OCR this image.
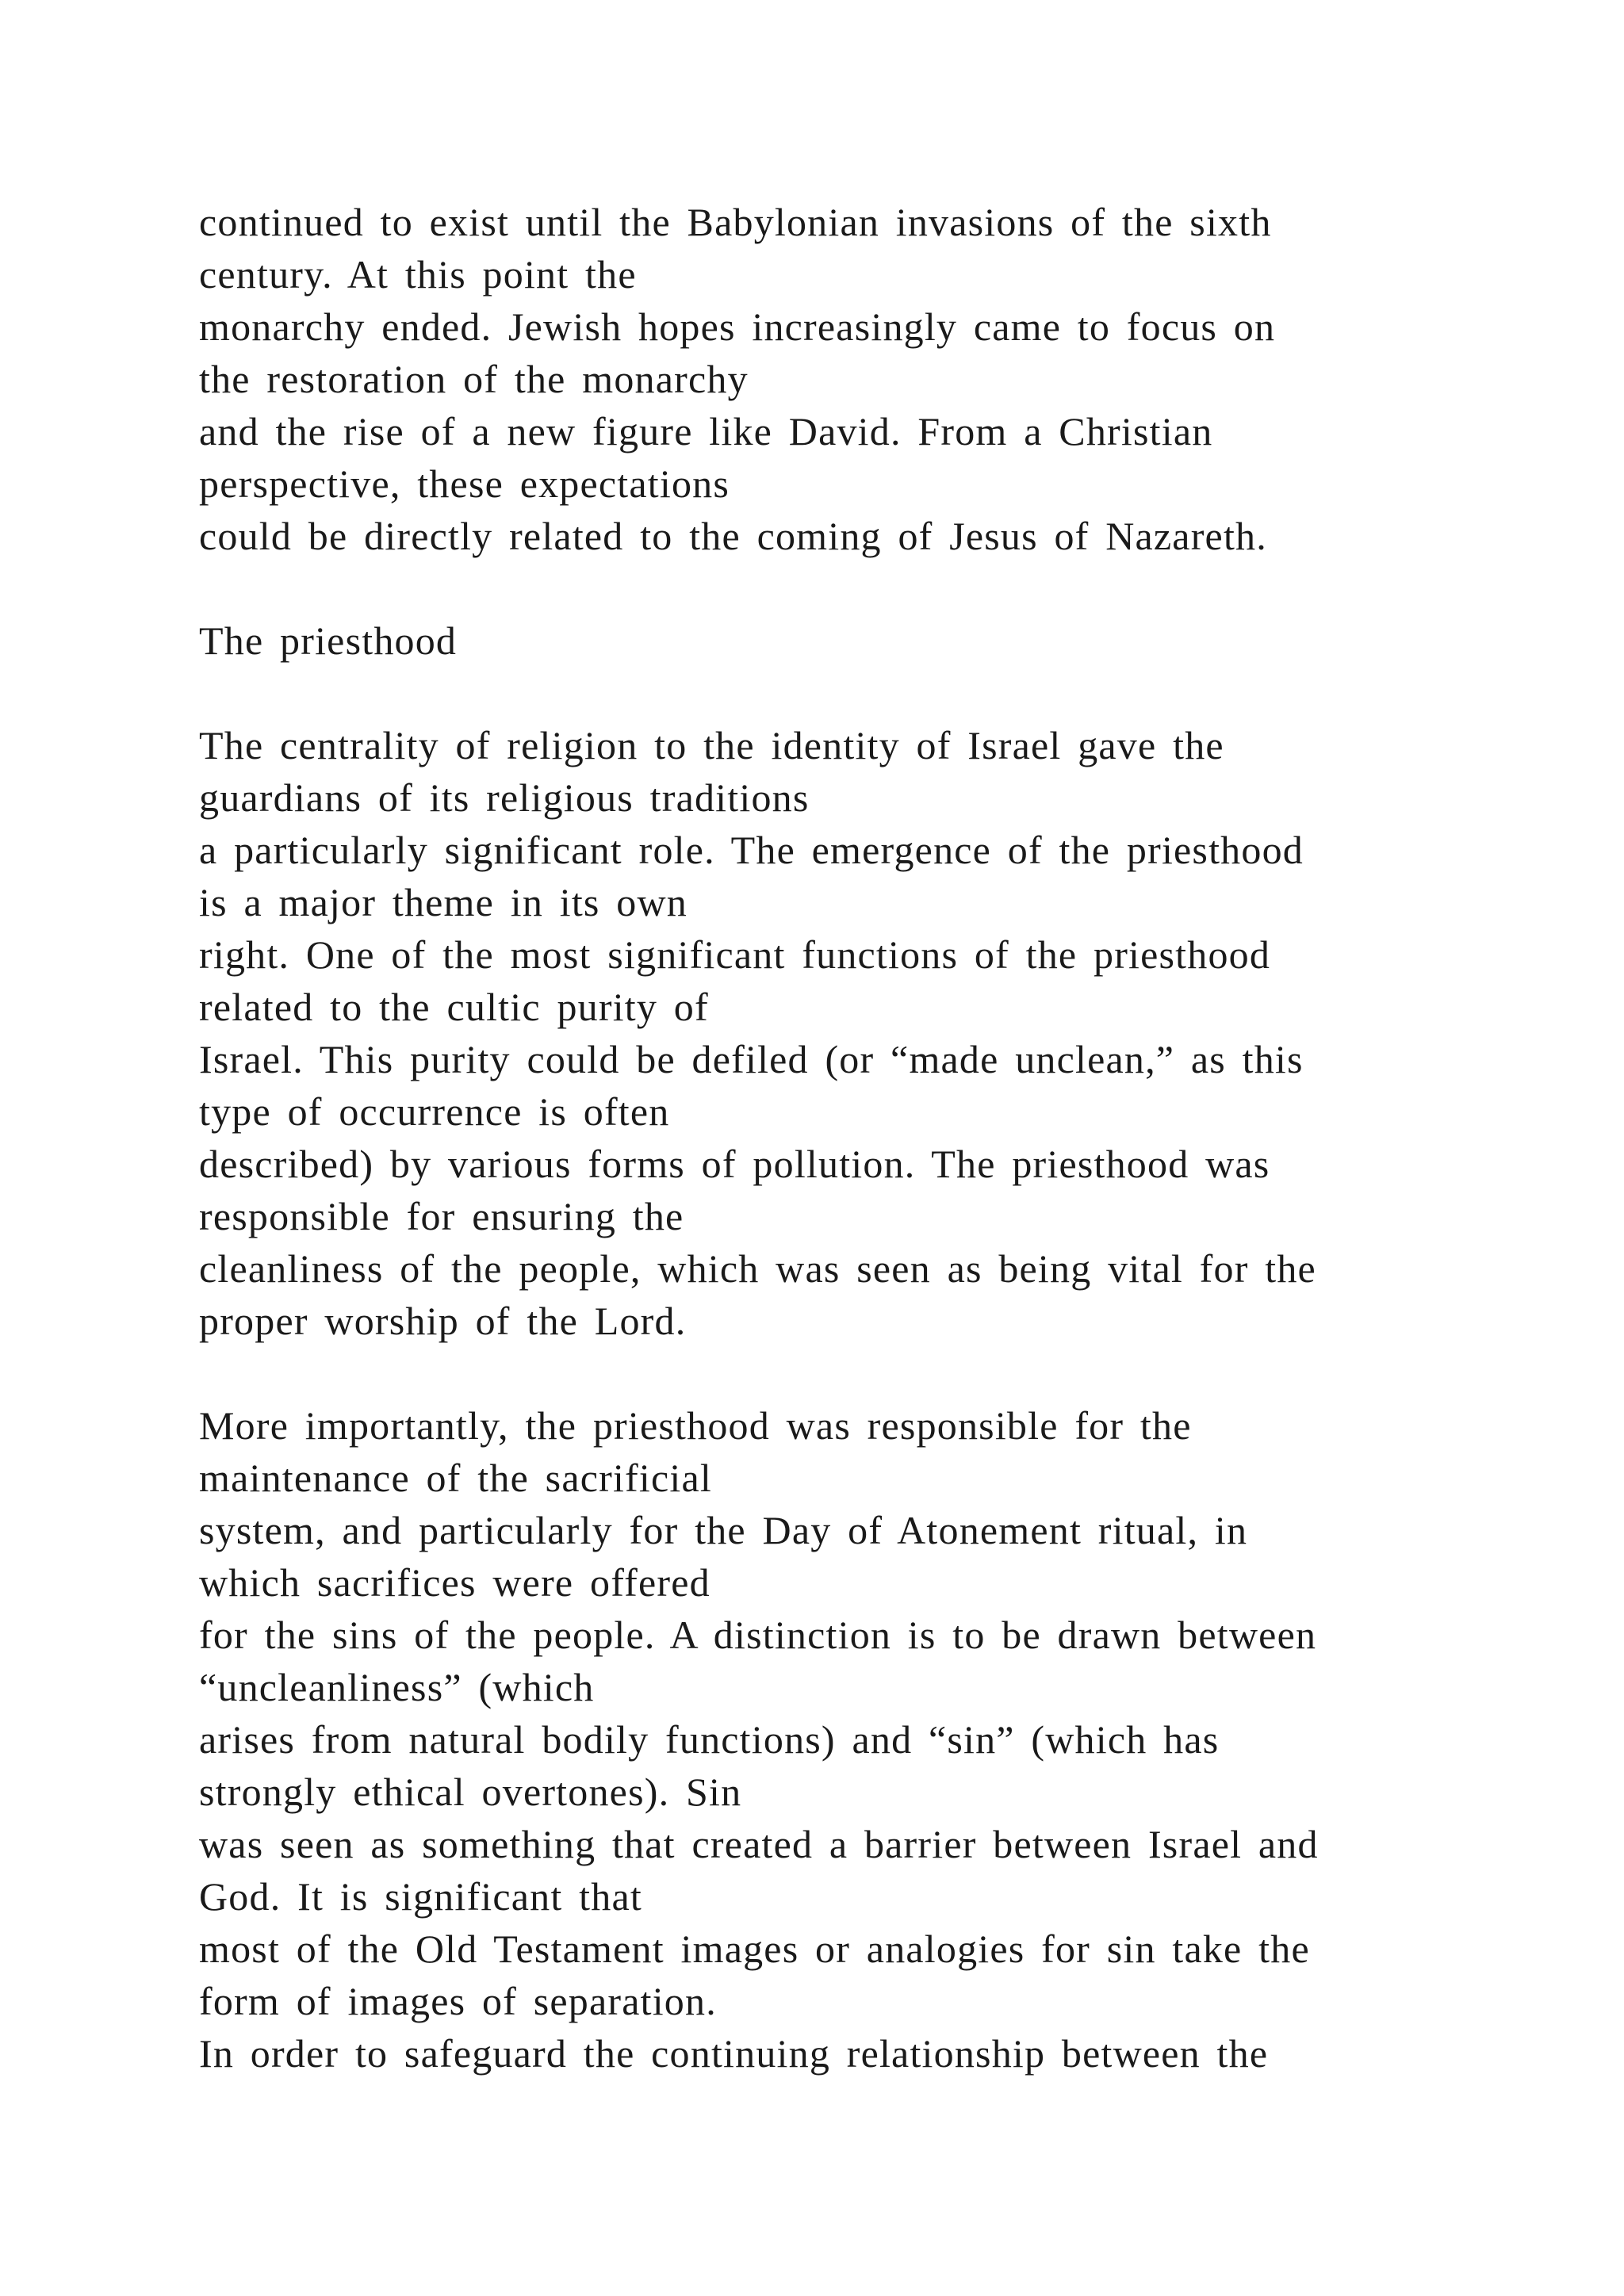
continued to exist until the Babylonian invasions of the sixth
century. At this point the
monarchy ended. Jewish hopes increasingly came to focus on
the restoration of the monarchy
and the rise of a new figure like David. From a Christian
perspective, these expectations
could be directly related to the coming of Jesus of Nazareth.
The priesthood
The centrality of religion to the identity of Israel gave the
guardians of its religious traditions
a particularly significant role. The emergence of the priesthood
is a major theme in its own
right. One of the most significant functions of the priesthood
related to the cultic purity of
Israel. This purity could be defiled (or “made unclean,” as this
type of occurrence is often
described) by various forms of pollution. The priesthood was
responsible for ensuring the
cleanliness of the people, which was seen as being vital for the
proper worship of the Lord.
More importantly, the priesthood was responsible for the
maintenance of the sacrificial
system, and particularly for the Day of Atonement ritual, in
which sacrifices were offered
for the sins of the people. A distinction is to be drawn between
“uncleanliness” (which
arises from natural bodily functions) and “sin” (which has
strongly ethical overtones). Sin
was seen as something that created a barrier between Israel and
God. It is significant that
most of the Old Testament images or analogies for sin take the
form of images of separation.
In order to safeguard the continuing relationship between the
